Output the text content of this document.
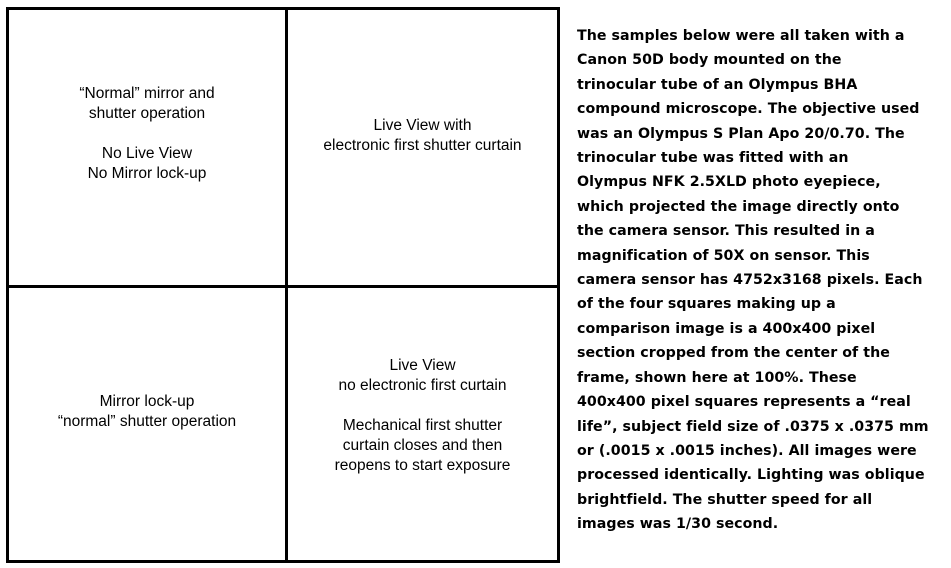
“Normal” mirror and
shutter operation
No Live View
No Mirror lock-up
Live View with
electronic first shutter curtain
Mirror lock-up
“normal” shutter operation
Live View
no electronic first curtain
Mechanical first shutter
curtain closes and then
reopens to start exposure
The samples below were all taken with a
Canon 50D body mounted on the
trinocular tube of an Olympus BHA
compound microscope. The objective used
was an Olympus S Plan Apo 20/0.70. The
trinocular tube was fitted with an
Olympus NFK 2.5XLD photo eyepiece,
which projected the image directly onto
the camera sensor. This resulted in a
magnification of 50X on sensor. This
camera sensor has 4752x3168 pixels. Each
of the four squares making up a
comparison image is a 400x400 pixel
section cropped from the center of the
frame, shown here at 100%. These
400x400 pixel squares represents a “real
life”, subject field size of .0375 x .0375 mm
or (.0015 x .0015 inches). All images were
processed identically. Lighting was oblique
brightfield. The shutter speed for all
images was 1/30 second.
